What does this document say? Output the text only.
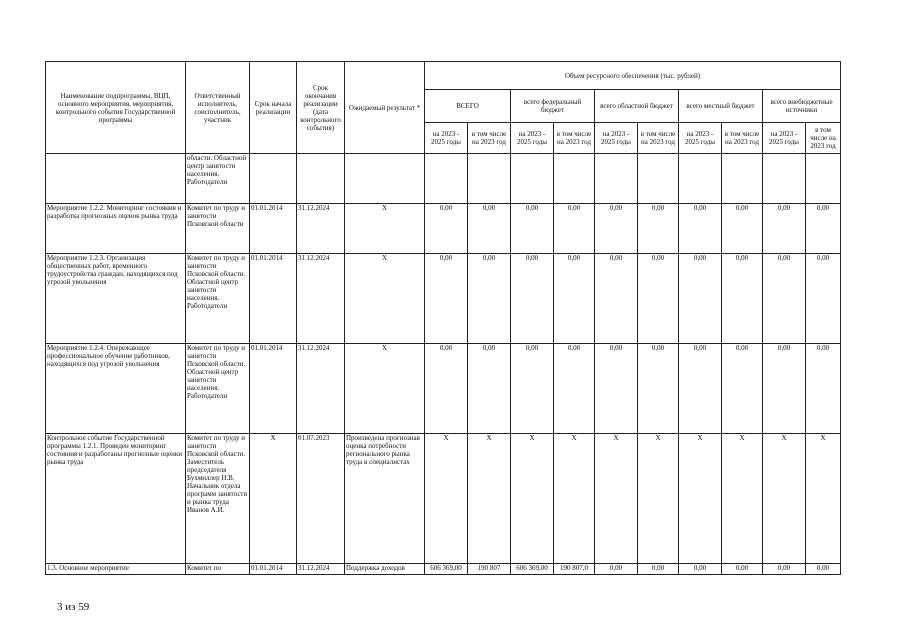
Наименование подпрограммы, ВЦП, основного мероприятия, мероприятия, контрольного события Государственной программы	Ответственный исполнитель, соисполнитель, участник	Срок начала реализации	Срок окончания реализации (дата контрольного события)	Ожидаемый результат *	Объем ресурсного обеспечения (тыс. рублей)									
					ВСЕГО		всего федеральный бюджет		всего областной бюджет		всего местный бюджет		всего внебюджетные источники	
					на 2023 - 2025 годы	в том числе на 2023 год	на 2023 - 2025 годы	в том числе на 2023 год	на 2023 - 2025 годы	в том числе на 2023 год	на 2023 - 2025 годы	в том числе на 2023 год	на 2023 - 2025 годы	в том числе на 2023 год
	области. Областной центр занятости населения. Работодатели													
Мероприятие 1.2.2. Мониторинг состояния и разработка прогнозных оценок рынка труда	Комитет по труду и занятости Псковской области	01.01.2014	31.12.2024	Х	0,00	0,00	0,00	0,00	0,00	0,00	0,00	0,00	0,00	0,00
Мероприятие 1.2.3. Организация общественных работ, временного трудоустройства граждан, находящихся под угрозой увольнения	Комитет по труду и занятости Псковской области. Областной центр занятости населения. Работодатели	01.01.2014	31.12.2024	Х	0,00	0,00	0,00	0,00	0,00	0,00	0,00	0,00	0,00	0,00
Мероприятие 1.2.4. Опережающее профессиональное обучение работников, находящихся под угрозой увольнения	Комитет по труду и занятости Псковской области. Областной центр занятости населения. Работодатели	01.01.2014	31.12.2024	Х	0,00	0,00	0,00	0,00	0,00	0,00	0,00	0,00	0,00	0,00
Контрольное событие Государственной программы 1.2.1. Проведен мониторинг состояния и разработаны прогнозные оценки рынка труда	Комитет по труду и занятости Псковской области. Заместитель председателя Бухмиллер Н.В. Начальник отдела программ занятости и рынка труда Иванов А.И.	Х	01.07.2023	Произведена прогнозная оценка потребности регионального рынка труда в специалистах	Х	Х	Х	Х	Х	Х	Х	Х	Х	Х
1.3. Основное мероприятие	Комитет по	01.01.2014	31.12.2024	Поддержка доходов	606 369,00	190 807	606 369,00	190 807,0	0,00	0,00	0,00	0,00	0,00	0,00
3 из 59
